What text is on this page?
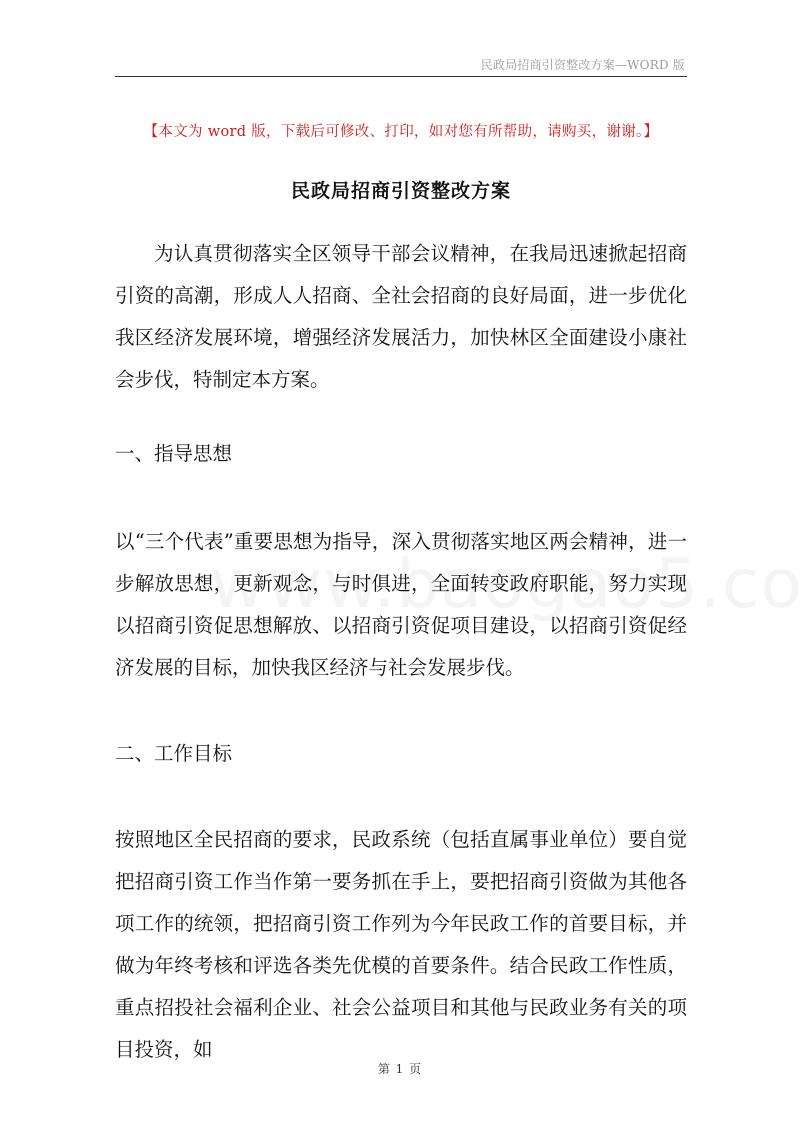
民政局招商引资整改方案—WORD 版
【本文为 word 版，下载后可修改、打印，如对您有所帮助，请购买，谢谢。】
民政局招商引资整改方案

为认真贯彻落实全区领导干部会议精神，在我局迅速掀起招商引资的高潮，形成人人招商、全社会招商的良好局面，进一步优化我区经济发展环境，增强经济发展活力，加快林区全面建设小康社会步伐，特制定本方案。

一、指导思想

以“三个代表”重要思想为指导，深入贯彻落实地区两会精神，进一步解放思想，更新观念，与时俱进，全面转变政府职能，努力实现以招商引资促思想解放、以招商引资促项目建设，以招商引资促经济发展的目标，加快我区经济与社会发展步伐。

二、工作目标

按照地区全民招商的要求，民政系统（包括直属事业单位）要自觉把招商引资工作当作第一要务抓在手上，要把招商引资做为其他各项工作的统领，把招商引资工作列为今年民政工作的首要目标，并做为年终考核和评选各类先优模的首要条件。结合民政工作性质，重点招投社会福利企业、社会公益项目和其他与民政业务有关的项目投资，如

第 1 页
